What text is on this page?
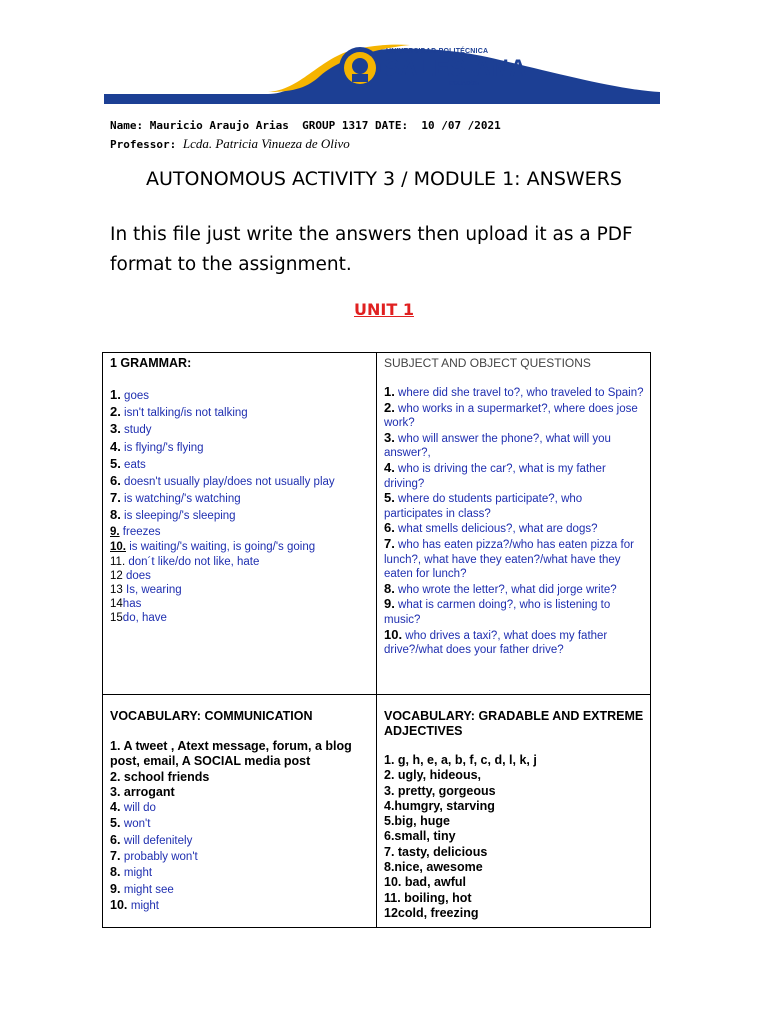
UNIVERSIDAD POLITÉCNICA
SALESIANA
ECUADOR
Name: Mauricio Araujo Arias GROUP 1317 DATE: 10 /07 /2021
Professor: Lcda. Patricia Vinueza de Olivo
AUTONOMOUS ACTIVITY 3 / MODULE 1: ANSWERS
In this file just write the answers then upload it as a PDF format to the assignment.
UNIT 1
1 GRAMMAR:
1. goes
2. isn't talking/is not talking
3. study
4. is flying/'s flying
5. eats
6. doesn't usually play/does not usually play
7. is watching/'s watching
8. is sleeping/'s sleeping
9. freezes
10. is waiting/'s waiting, is going/'s going
11. don´t like/do not like, hate
12 does
13 Is, wearing
14has
15do, have
SUBJECT AND OBJECT QUESTIONS
1. where did she travel to?, who traveled to Spain?
2. who works in a supermarket?, where does jose work?
3. who will answer the phone?, what will you answer?,
4. who is driving the car?, what is my father driving?
5. where do students participate?, who participates in class?
6. what smells delicious?, what are dogs?
7. who has eaten pizza?/who has eaten pizza for lunch?, what have they eaten?/what have they eaten for lunch?
8. who wrote the letter?, what did jorge write?
9. what is carmen doing?, who is listening to music?
10. who drives a taxi?, what does my father drive?/what does your father drive?
VOCABULARY: COMMUNICATION
1. A tweet , Atext message, forum, a blog post, email, A SOCIAL media post
2. school friends
3. arrogant
4. will do
5. won't
6. will defenitely
7. probably won't
8. might
9. might see
10. might
VOCABULARY: GRADABLE AND EXTREME ADJECTIVES
1. g, h, e, a, b, f, c, d, l, k, j
2. ugly, hideous,
3. pretty, gorgeous
4.humgry, starving
5.big, huge
6.small, tiny
7. tasty, delicious
8.nice, awesome
10. bad, awful
11. boiling, hot
12cold, freezing
